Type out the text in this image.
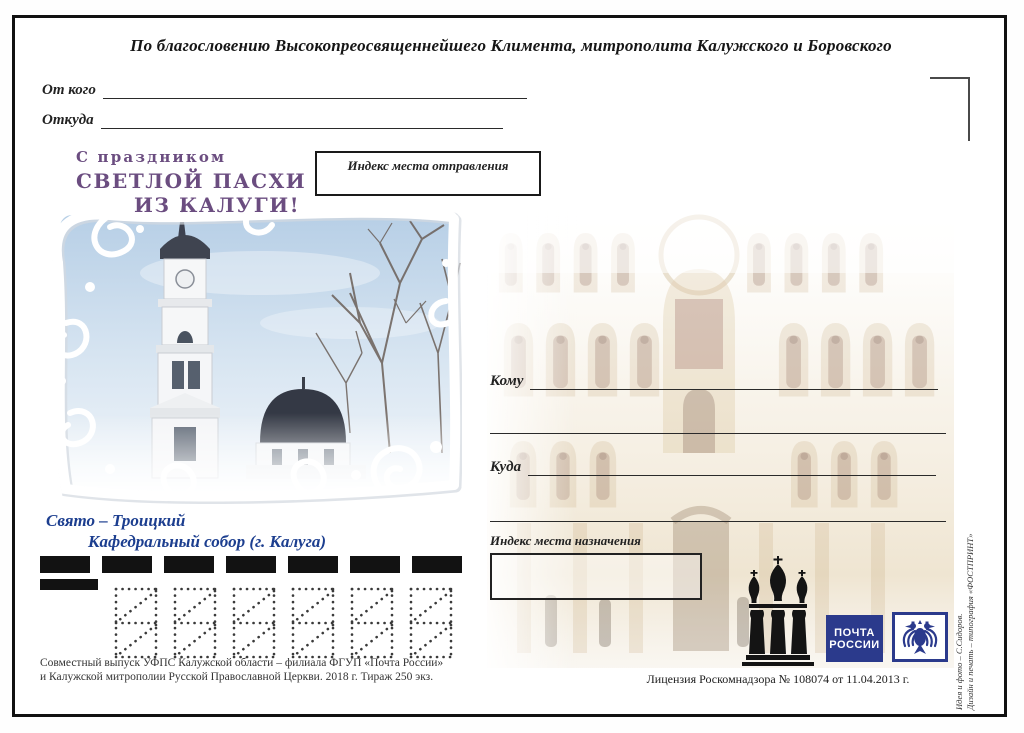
По благословению Высокопреосвященнейшего Климента, митрополита Калужского и Боровского
От кого
Откуда
С праздником
СВЕТЛОЙ ПАСХИ
ИЗ КАЛУГИ!
Индекс места отправления
Свято – Троицкий
Кафедральный собор (г. Калуга)
Совместный выпуск УФПС Калужской области – филиала ФГУП «Почта России»
и Калужской митрополии Русской Православной Церкви. 2018 г. Тираж 250 экз.
Кому
Куда
Индекс места назначения
ПОЧТА
РОССИИ
Лицензия Роскомнадзора № 108074 от 11.04.2013 г.	Идея и фото – С.Сидоров. Дизайн и печать – типография «ФОСТПРИНТ»
